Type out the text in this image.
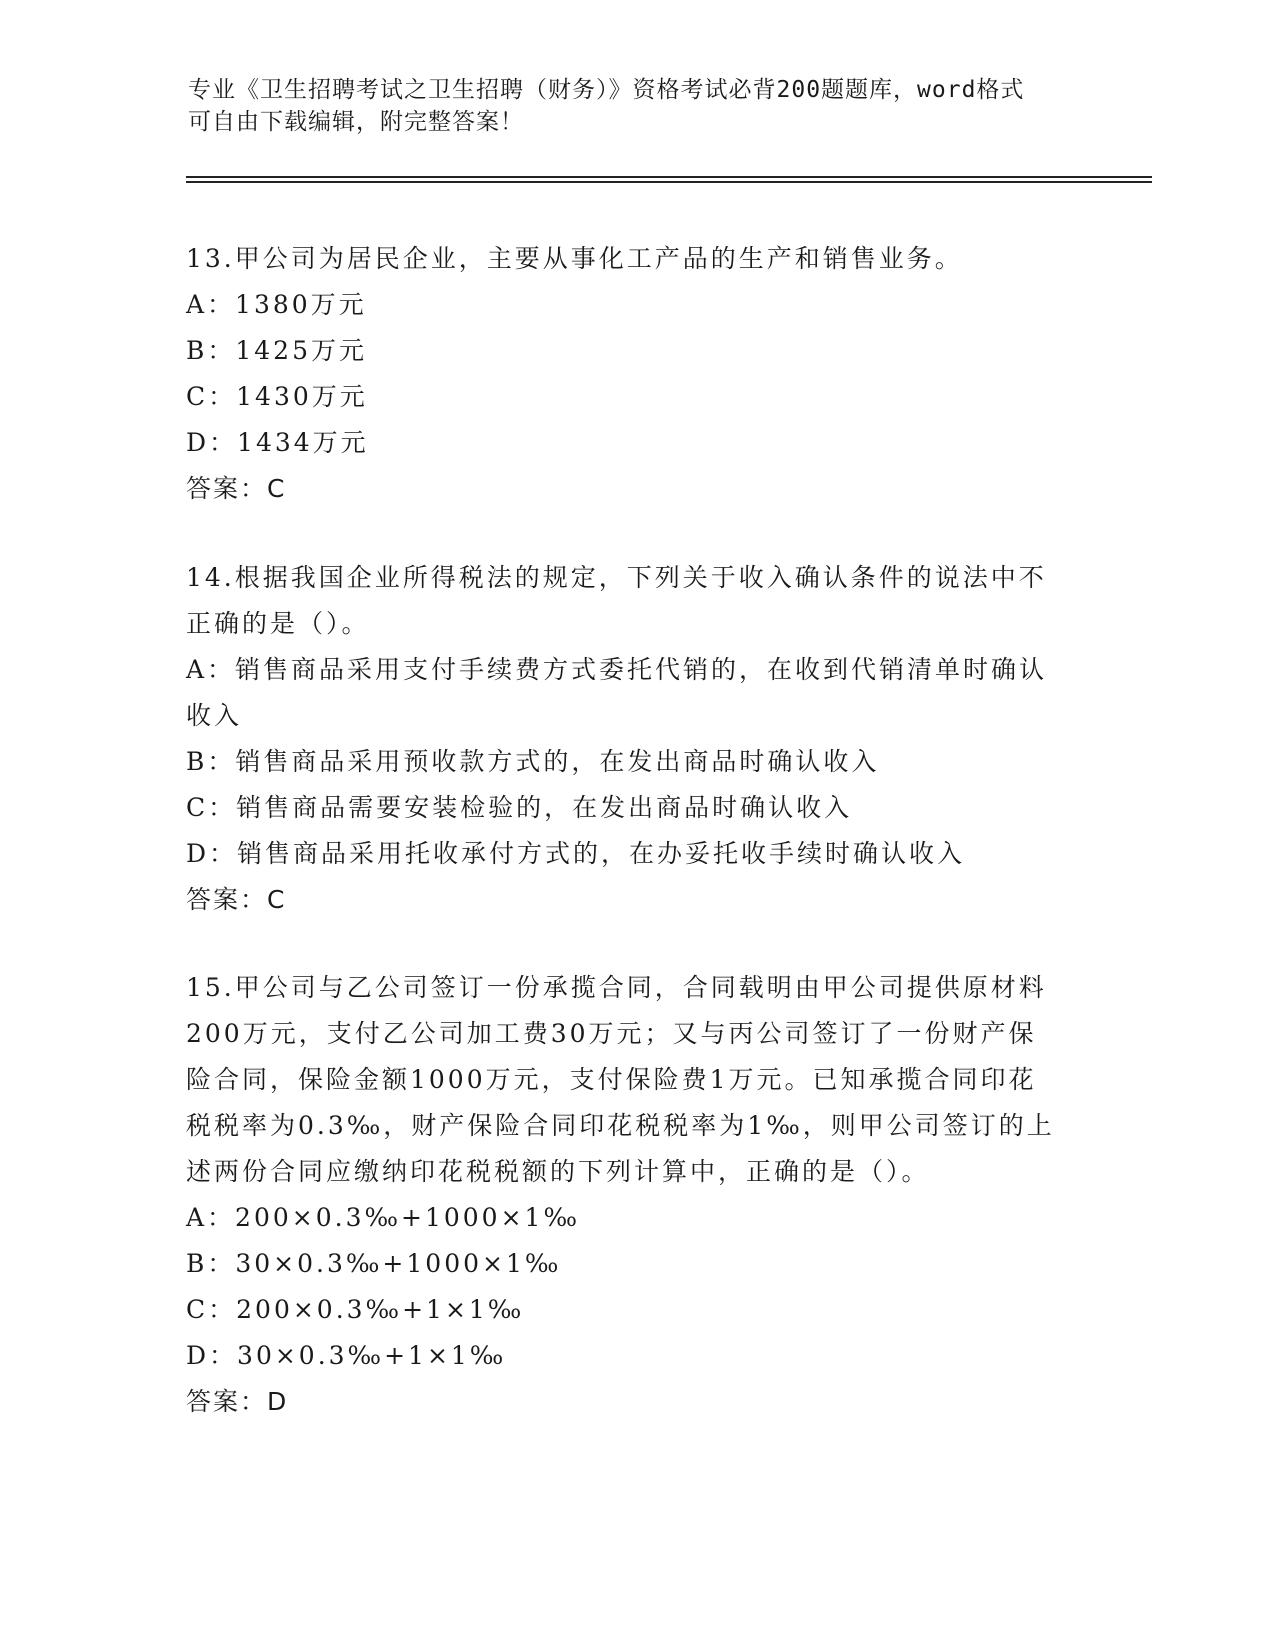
专业《卫生招聘考试之卫生招聘（财务）》资格考试必背200题题库，word格式
可自由下载编辑，附完整答案！
13.甲公司为居民企业，主要从事化工产品的生产和销售业务。
A：1380万元
B：1425万元
C：1430万元
D：1434万元
答案：C
14.根据我国企业所得税法的规定，下列关于收入确认条件的说法中不
正确的是（）。
A：销售商品采用支付手续费方式委托代销的，在收到代销清单时确认
收入
B：销售商品采用预收款方式的，在发出商品时确认收入
C：销售商品需要安装检验的，在发出商品时确认收入
D：销售商品采用托收承付方式的，在办妥托收手续时确认收入
答案：C
15.甲公司与乙公司签订一份承揽合同，合同载明由甲公司提供原材料
200万元，支付乙公司加工费30万元；又与丙公司签订了一份财产保
险合同，保险金额1000万元，支付保险费1万元。已知承揽合同印花
税税率为0.3‰，财产保险合同印花税税率为1‰，则甲公司签订的上
述两份合同应缴纳印花税税额的下列计算中，正确的是（）。
A：200×0.3‰+1000×1‰
B：30×0.3‰+1000×1‰
C：200×0.3‰+1×1‰
D：30×0.3‰+1×1‰
答案：D
